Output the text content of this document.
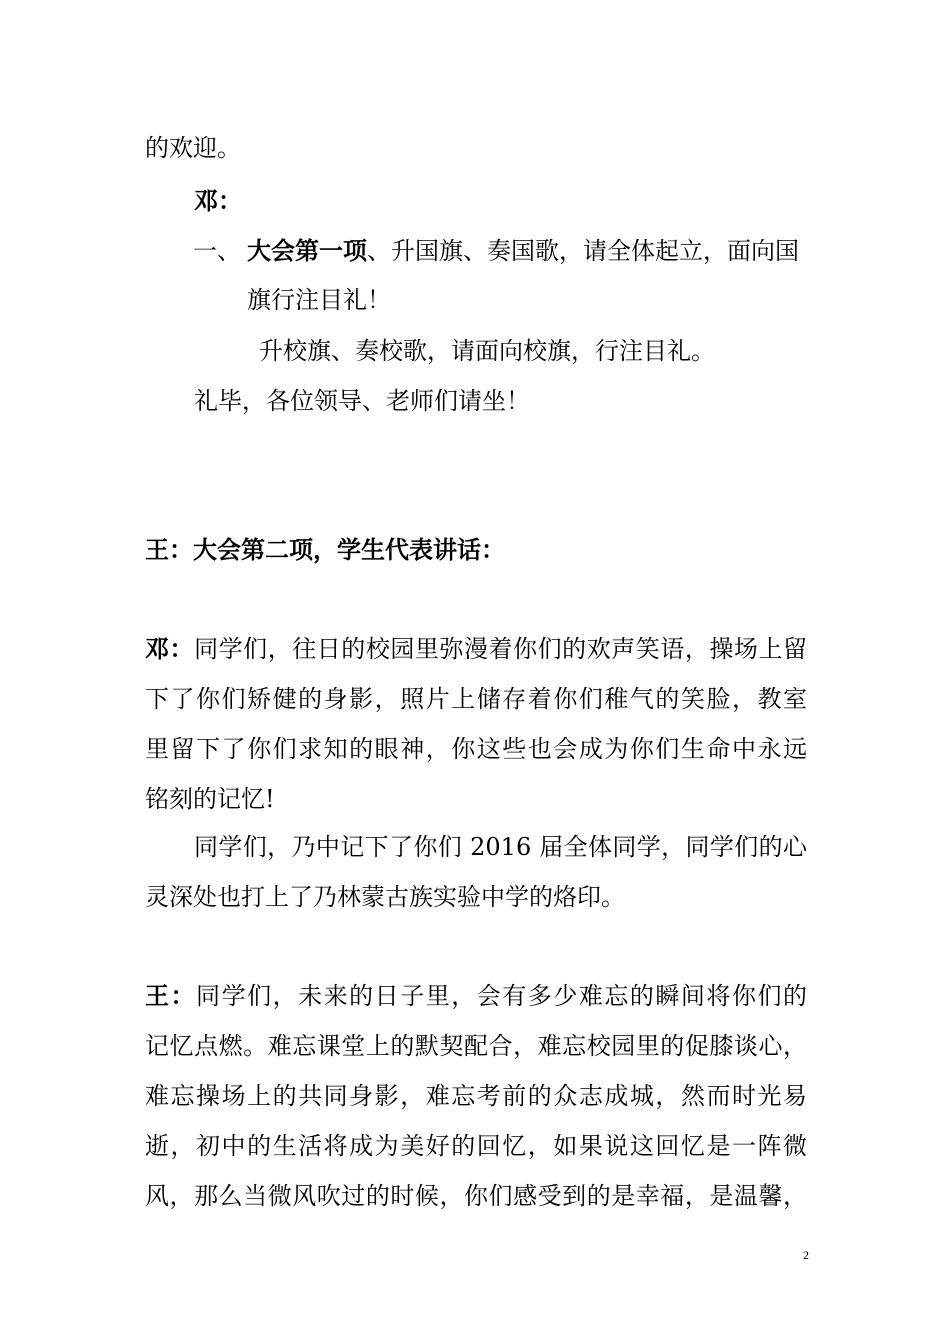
的欢迎。
邓：
一、 大会第一项、升国旗、奏国歌，请全体起立，面向国
旗行注目礼！
升校旗、奏校歌，请面向校旗，行注目礼。
礼毕，各位领导、老师们请坐！
王：大会第二项，学生代表讲话：
邓：同学们，往日的校园里弥漫着你们的欢声笑语，操场上留
下了你们矫健的身影，照片上储存着你们稚气的笑脸，教室
里留下了你们求知的眼神，你这些也会成为你们生命中永远
铭刻的记忆!
同学们，乃中记下了你们 2016 届全体同学，同学们的心
灵深处也打上了乃林蒙古族实验中学的烙印。
王：同学们，未来的日子里，会有多少难忘的瞬间将你们的
记忆点燃。难忘课堂上的默契配合，难忘校园里的促膝谈心，
难忘操场上的共同身影，难忘考前的众志成城，然而时光易
逝，初中的生活将成为美好的回忆，如果说这回忆是一阵微
风，那么当微风吹过的时候，你们感受到的是幸福，是温馨，
2
